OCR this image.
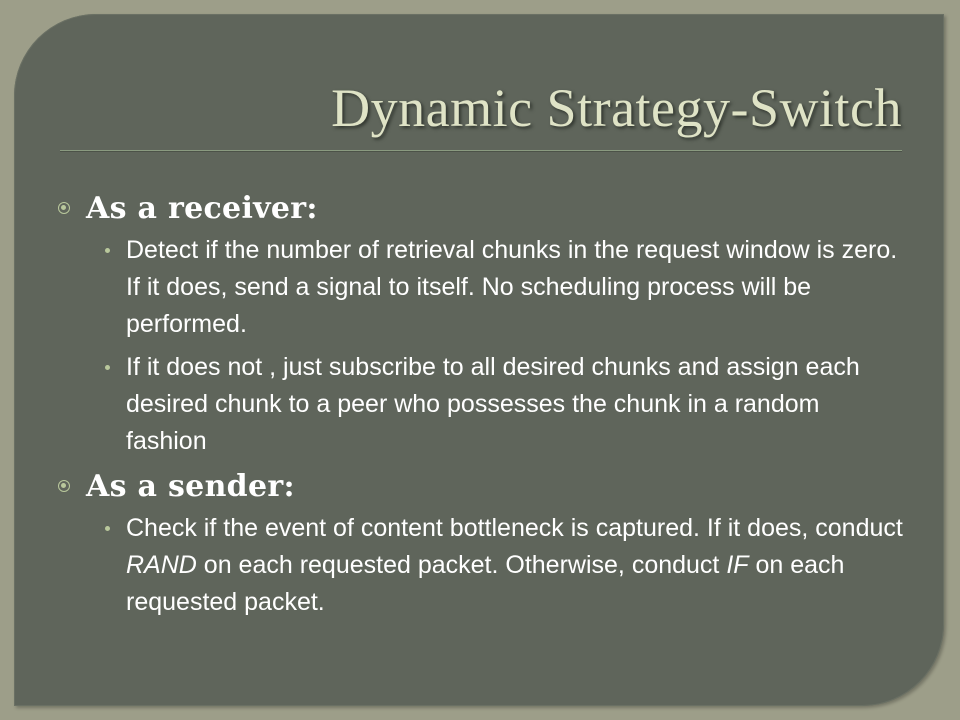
Dynamic Strategy-Switch
As a receiver:
Detect if the number of retrieval chunks in the request window is zero. If it does, send a signal to itself. No scheduling process will be performed.
If it does not , just subscribe to all desired chunks and assign each desired chunk to a peer who possesses the chunk in a random fashion
As a sender:
Check if the event of content bottleneck is captured. If it does, conduct RAND on each requested packet. Otherwise, conduct IF on each requested packet.
